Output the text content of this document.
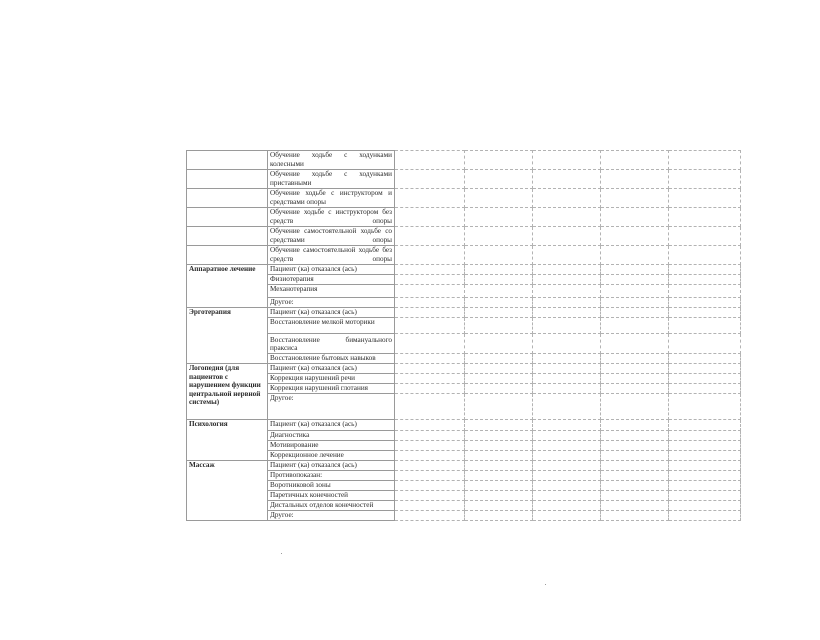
	Обучение ходьбе с ходунками колесными					
	Обучение ходьбе с ходунками приставными					
	Обучение ходьбе с инструктором и средствами опоры					
	Обучение ходьбе с инструктором без средств опоры					
	Обучение самостоятельной ходьбе со средствами опоры					
	Обучение самостоятельной ходьбе без средств опоры					
Аппаратное лечение	Пациент (ка) отказался (ась)					
	Физиотерапия					
	Механотерапия					
	Другое:					
Эрготерапия	Пациент (ка) отказался (ась)					
	Восстановление мелкой моторики					
	Восстановление бимануального праксиса					
	Восстановление бытовых навыков					
Логопедия (для пациентов с нарушением функции центральной нервной системы)	Пациент (ка) отказался (ась)					
	Коррекция нарушений речи					
	Коррекция нарушений глотания					
	Другое:					
Психология	Пациент (ка) отказался (ась)					
	Диагностика					
	Мотивирование					
	Коррекционное лечение					
Массаж	Пациент (ка) отказался (ась)					
	Противопоказан:					
	Воротниковой зоны					
	Паретичных конечностей					
	Дистальных отделов конечностей					
	Другое:					
